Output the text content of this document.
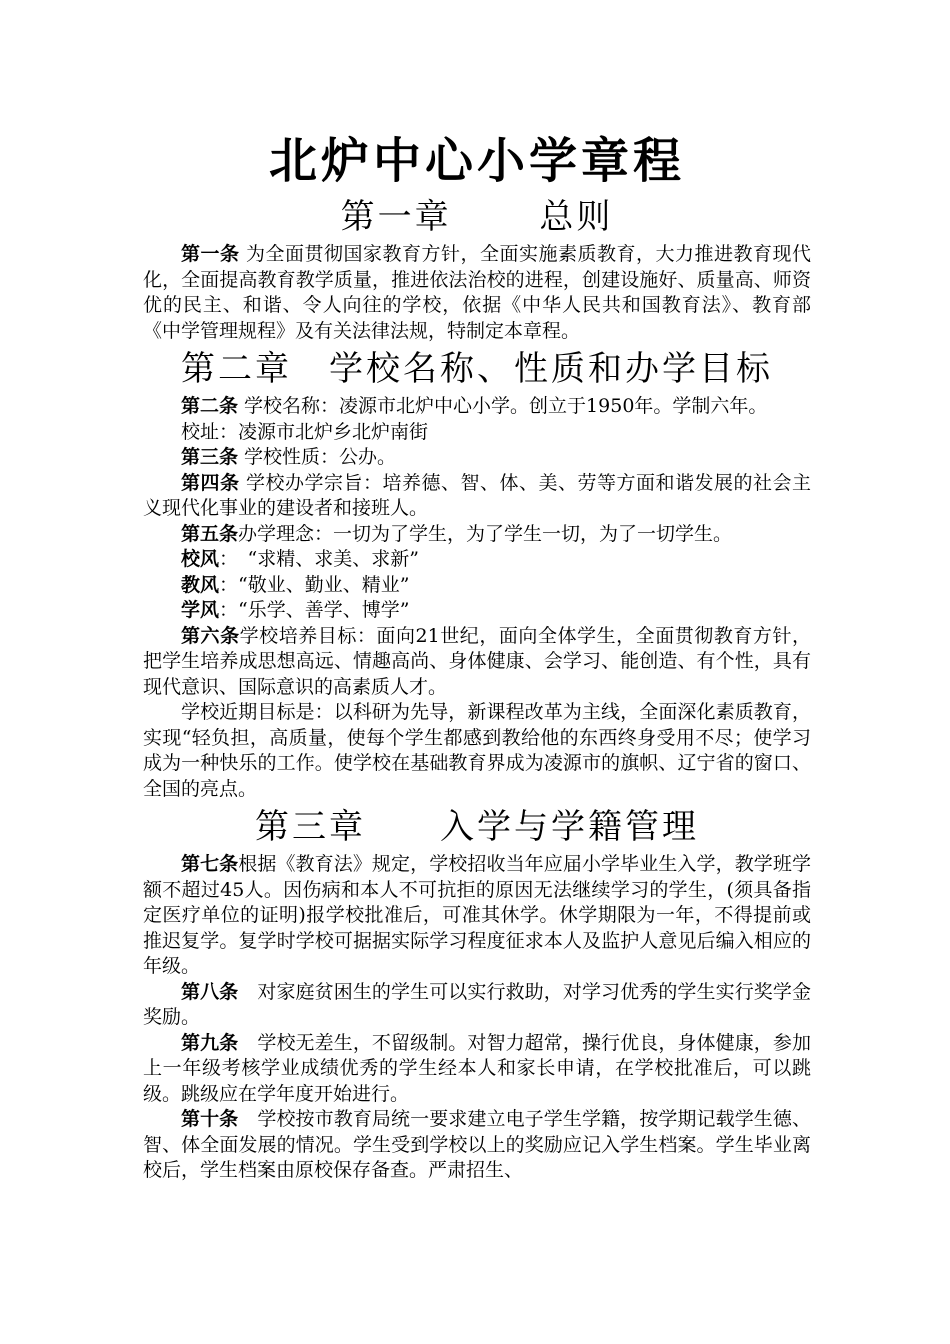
北炉中心小学章程
第一章　　 总则

第一条 为全面贯彻国家教育方针，全面实施素质教育，大力推进教育现代化，全面提高教育教学质量，推进依法治校的进程，创建设施好、质量高、师资优的民主、和谐、令人向往的学校，依据《中华人民共和国教育法》、教育部《中学管理规程》及有关法律法规，特制定本章程。

第二章　学校名称、性质和办学目标

第二条 学校名称：凌源市北炉中心小学。创立于1950年。学制六年。

校址：凌源市北炉乡北炉南街

第三条 学校性质：公办。

第四条 学校办学宗旨：培养德、智、体、美、劳等方面和谐发展的社会主义现代化事业的建设者和接班人。

第五条办学理念：一切为了学生，为了学生一切，为了一切学生。

校风：　“求精、求美、求新”

教风：“敬业、勤业、精业”

学风：“乐学、善学、博学”

第六条学校培养目标：面向21世纪，面向全体学生，全面贯彻教育方针，把学生培养成思想高远、情趣高尚、身体健康、会学习、能创造、有个性，具有现代意识、国际意识的高素质人才。

学校近期目标是：以科研为先导，新课程改革为主线，全面深化素质教育，实现“轻负担，高质量，使每个学生都感到教给他的东西终身受用不尽；使学习成为一种快乐的工作。使学校在基础教育界成为凌源市的旗帜、辽宁省的窗口、全国的亮点。

第三章　　入学与学籍管理

第七条根据《教育法》规定，学校招收当年应届小学毕业生入学，教学班学额不超过45人。因伤病和本人不可抗拒的原因无法继续学习的学生，(须具备指定医疗单位的证明)报学校批准后，可准其休学。休学期限为一年，不得提前或推迟复学。复学时学校可据据实际学习程度征求本人及监护人意见后编入相应的年级。

第八条　对家庭贫困生的学生可以实行救助，对学习优秀的学生实行奖学金奖励。

第九条　学校无差生，不留级制。对智力超常，操行优良，身体健康，参加上一年级考核学业成绩优秀的学生经本人和家长申请，在学校批准后，可以跳级。跳级应在学年度开始进行。

第十条　学校按市教育局统一要求建立电子学生学籍，按学期记载学生德、智、体全面发展的情况。学生受到学校以上的奖励应记入学生档案。学生毕业离校后，学生档案由原校保存备查。严肃招生、
